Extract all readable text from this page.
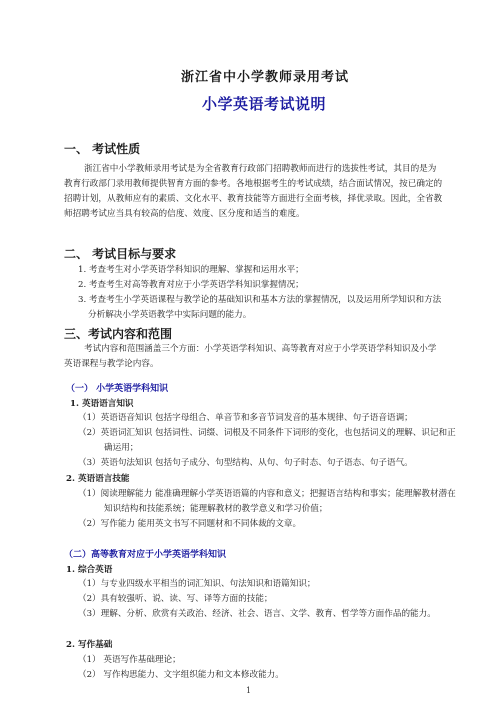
浙江省中小学教师录用考试
小学英语考试说明
一、 考试性质
浙江省中小学教师录用考试是为全省教育行政部门招聘教师而进行的选拔性考试，其目的是为教育行政部门录用教师提供智育方面的参考。各地根据考生的考试成绩，结合面试情况，按已确定的招聘计划，从教师应有的素质、文化水平、教育技能等方面进行全面考核，择优录取。因此，全省教师招聘考试应当具有较高的信度、效度、区分度和适当的难度。
二、 考试目标与要求
1. 考查考生对小学英语学科知识的理解、掌握和运用水平；
2. 考查考生对高等教育对应于小学英语学科知识掌握情况；
3. 考查考生小学英语课程与教学论的基础知识和基本方法的掌握情况，以及运用所学知识和方法分析解决小学英语教学中实际问题的能力。
三、考试内容和范围
考试内容和范围涵盖三个方面：小学英语学科知识、高等教育对应于小学英语学科知识及小学英语课程与教学论内容。
（一） 小学英语学科知识
1. 英语语言知识
（1）英语语音知识 包括字母组合、单音节和多音节词发音的基本规律、句子语音语调；
（2）英语词汇知识 包括词性、词缀、词根及不同条件下词形的变化，也包括词义的理解、识记和正确运用；
（3）英语句法知识 包括句子成分、句型结构、从句、句子时态、句子语态、句子语气。
2. 英语语言技能
（1）阅读理解能力 能准确理解小学英语语篇的内容和意义；把握语言结构和事实；能理解教材潜在知识结构和技能系统；能理解教材的教学意义和学习价值；
（2）写作能力 能用英文书写不同题材和不同体裁的文章。
（二）高等教育对应于小学英语学科知识
1. 综合英语
（1）与专业四级水平相当的词汇知识、句法知识和语篇知识；
（2）具有较强听、说、读、写、译等方面的技能；
（3）理解、分析、欣赏有关政治、经济、社会、语言、文学、教育、哲学等方面作品的能力。
2. 写作基础
（1） 英语写作基础理论；
（2） 写作构思能力、文字组织能力和文本修改能力。
1
